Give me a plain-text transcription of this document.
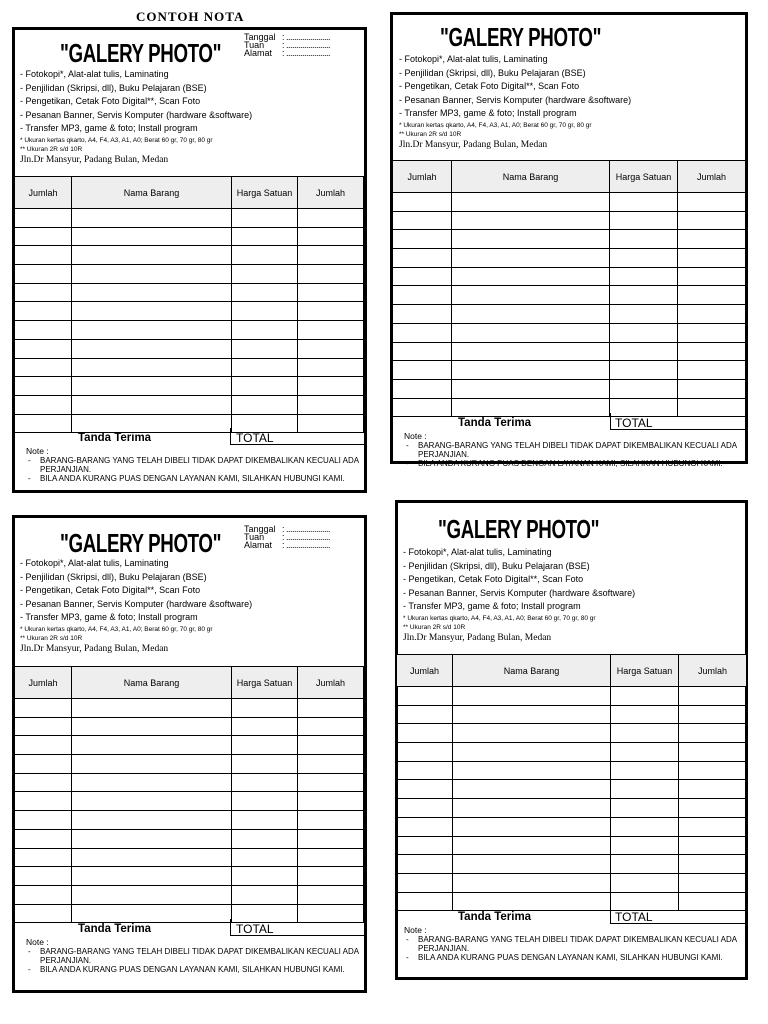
CONTOH NOTA
"GALERY PHOTO"
Tanggal : ......................
Tuan	: ......................
Alamat	: ......................
- Fotokopi*, Alat-alat tulis, Laminating
- Penjilidan (Skripsi, dll), Buku Pelajaran (BSE)
- Pengetikan, Cetak Foto Digital**, Scan Foto
- Pesanan Banner, Servis Komputer (hardware &software)
- Transfer MP3, game & foto; Install program
* Ukuran kertas qkarto, A4, F4, A3, A1, A0; Berat 60 gr, 70 gr, 80 gr
** Ukuran 2R s/d 10R
Jln.Dr Mansyur, Padang Bulan, Medan
Jumlah	Nama Barang	Harga Satuan	Jumlah

Tanda Terima	TOTAL
Note :
- BARANG-BARANG YANG TELAH DIBELI TIDAK DAPAT DIKEMBALIKAN KECUALI ADA PERJANJIAN.
- BILA ANDA KURANG PUAS DENGAN LAYANAN KAMI, SILAHKAN HUBUNGI KAMI.
"GALERY PHOTO"
- Fotokopi*, Alat-alat tulis, Laminating
- Penjilidan (Skripsi, dll), Buku Pelajaran (BSE)
- Pengetikan, Cetak Foto Digital**, Scan Foto
- Pesanan Banner, Servis Komputer (hardware &software)
- Transfer MP3, game & foto; Install program
* Ukuran kertas qkarto, A4, F4, A3, A1, A0; Berat 60 gr, 70 gr, 80 gr
** Ukuran 2R s/d 10R
Jln.Dr Mansyur, Padang Bulan, Medan
Jumlah	Nama Barang	Harga Satuan	Jumlah

Tanda Terima	TOTAL
Note :
- BARANG-BARANG YANG TELAH DIBELI TIDAK DAPAT DIKEMBALIKAN KECUALI ADA PERJANJIAN.
- BILA ANDA KURANG PUAS DENGAN LAYANAN KAMI, SILAHKAN HUBUNGI KAMI.
"GALERY PHOTO"	Tanggal : ......................
Tuan	: ......................
Alamat	: ......................
- Fotokopi*, Alat-alat tulis, Laminating
- Penjilidan (Skripsi, dll), Buku Pelajaran (BSE)
- Pengetikan, Cetak Foto Digital**, Scan Foto
- Pesanan Banner, Servis Komputer (hardware &software)
- Transfer MP3, game & foto; Install program
* Ukuran kertas qkarto, A4, F4, A3, A1, A0; Berat 60 gr, 70 gr, 80 gr
** Ukuran 2R s/d 10R
Jln.Dr Mansyur, Padang Bulan, Medan
Jumlah	Nama Barang	Harga Satuan	Jumlah

Tanda Terima	TOTAL
Note :
- BARANG-BARANG YANG TELAH DIBELI TIDAK DAPAT DIKEMBALIKAN KECUALI ADA PERJANJIAN.
- BILA ANDA KURANG PUAS DENGAN LAYANAN KAMI, SILAHKAN HUBUNGI KAMI.
"GALERY PHOTO"
- Fotokopi*, Alat-alat tulis, Laminating
- Penjilidan (Skripsi, dll), Buku Pelajaran (BSE)
- Pengetikan, Cetak Foto Digital**, Scan Foto
- Pesanan Banner, Servis Komputer (hardware &software)
- Transfer MP3, game & foto; Install program
* Ukuran kertas qkarto, A4, F4, A3, A1, A0; Berat 60 gr, 70 gr, 80 gr
** Ukuran 2R s/d 10R
Jln.Dr Mansyur, Padang Bulan, Medan
Jumlah	Nama Barang	Harga Satuan	Jumlah

Tanda Terima	TOTAL
Note :
- BARANG-BARANG YANG TELAH DIBELI TIDAK DAPAT DIKEMBALIKAN KECUALI ADA PERJANJIAN.
- BILA ANDA KURANG PUAS DENGAN LAYANAN KAMI, SILAHKAN HUBUNGI KAMI.
